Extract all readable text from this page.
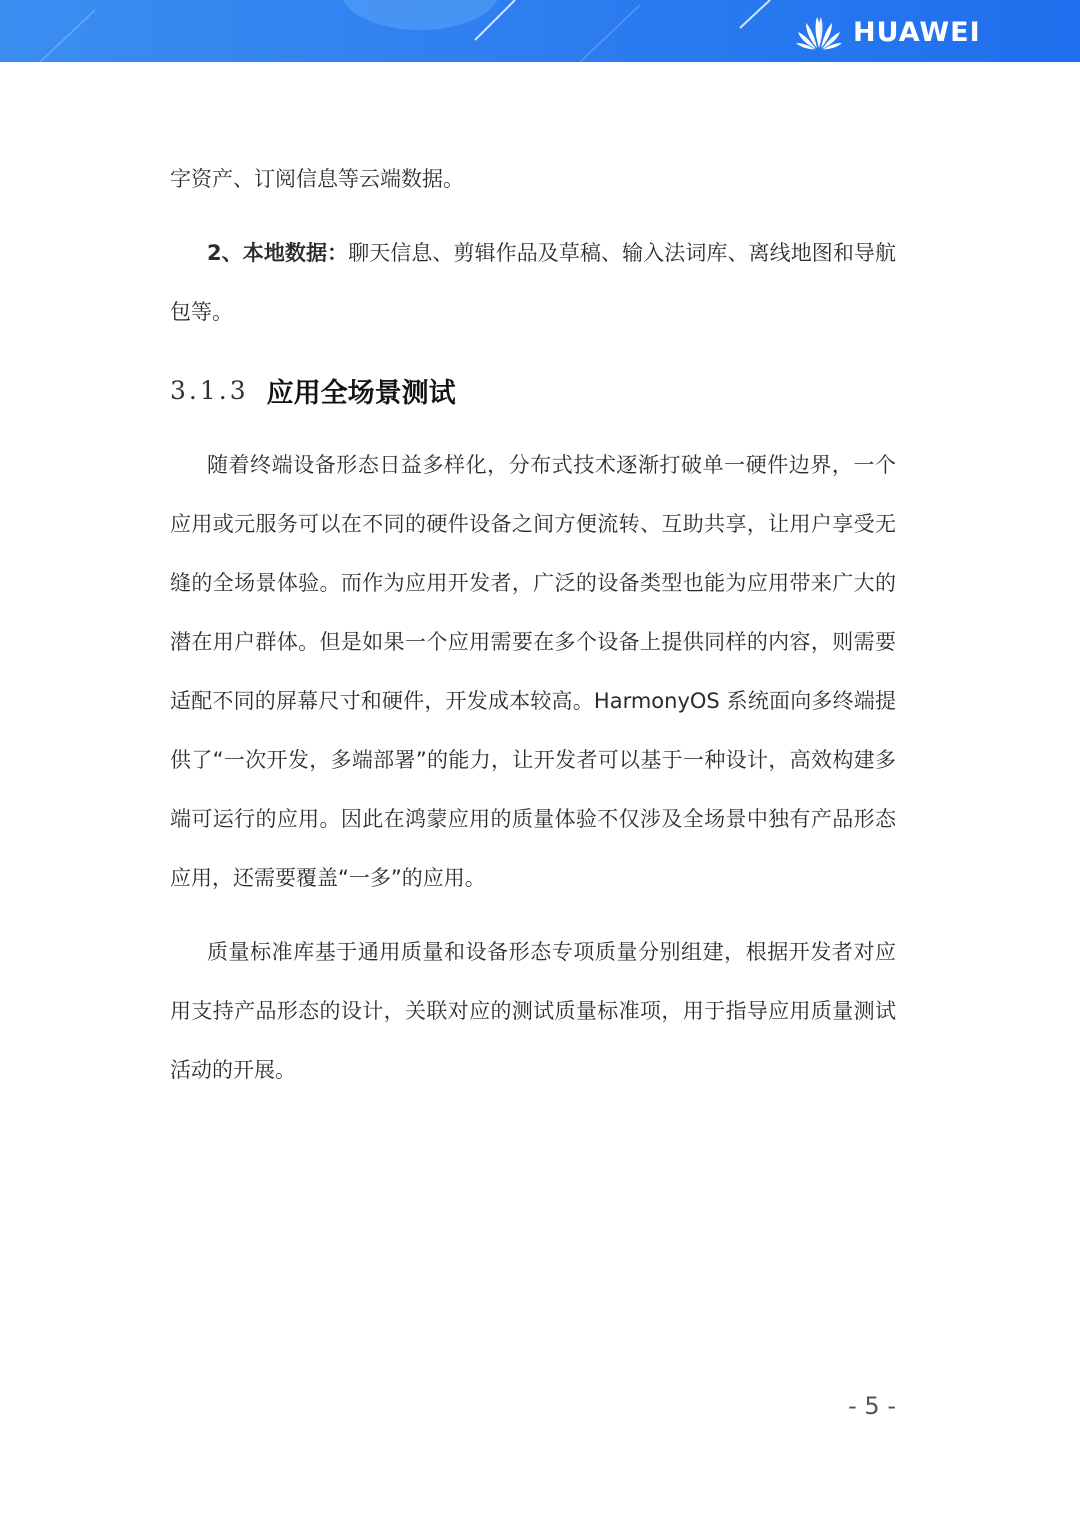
HUAWEI

字资产、订阅信息等云端数据。

2、本地数据：聊天信息、剪辑作品及草稿、输入法词库、离线地图和导航包等。

3.1.3 应用全场景测试

随着终端设备形态日益多样化，分布式技术逐渐打破单一硬件边界，一个应用或元服务可以在不同的硬件设备之间方便流转、互助共享，让用户享受无缝的全场景体验。而作为应用开发者，广泛的设备类型也能为应用带来广大的潜在用户群体。但是如果一个应用需要在多个设备上提供同样的内容，则需要适配不同的屏幕尺寸和硬件，开发成本较高。HarmonyOS 系统面向多终端提供了“一次开发，多端部署”的能力，让开发者可以基于一种设计，高效构建多端可运行的应用。因此在鸿蒙应用的质量体验不仅涉及全场景中独有产品形态应用，还需要覆盖“一多”的应用。

质量标准库基于通用质量和设备形态专项质量分别组建，根据开发者对应用支持产品形态的设计，关联对应的测试质量标准项，用于指导应用质量测试活动的开展。

- 5 -
